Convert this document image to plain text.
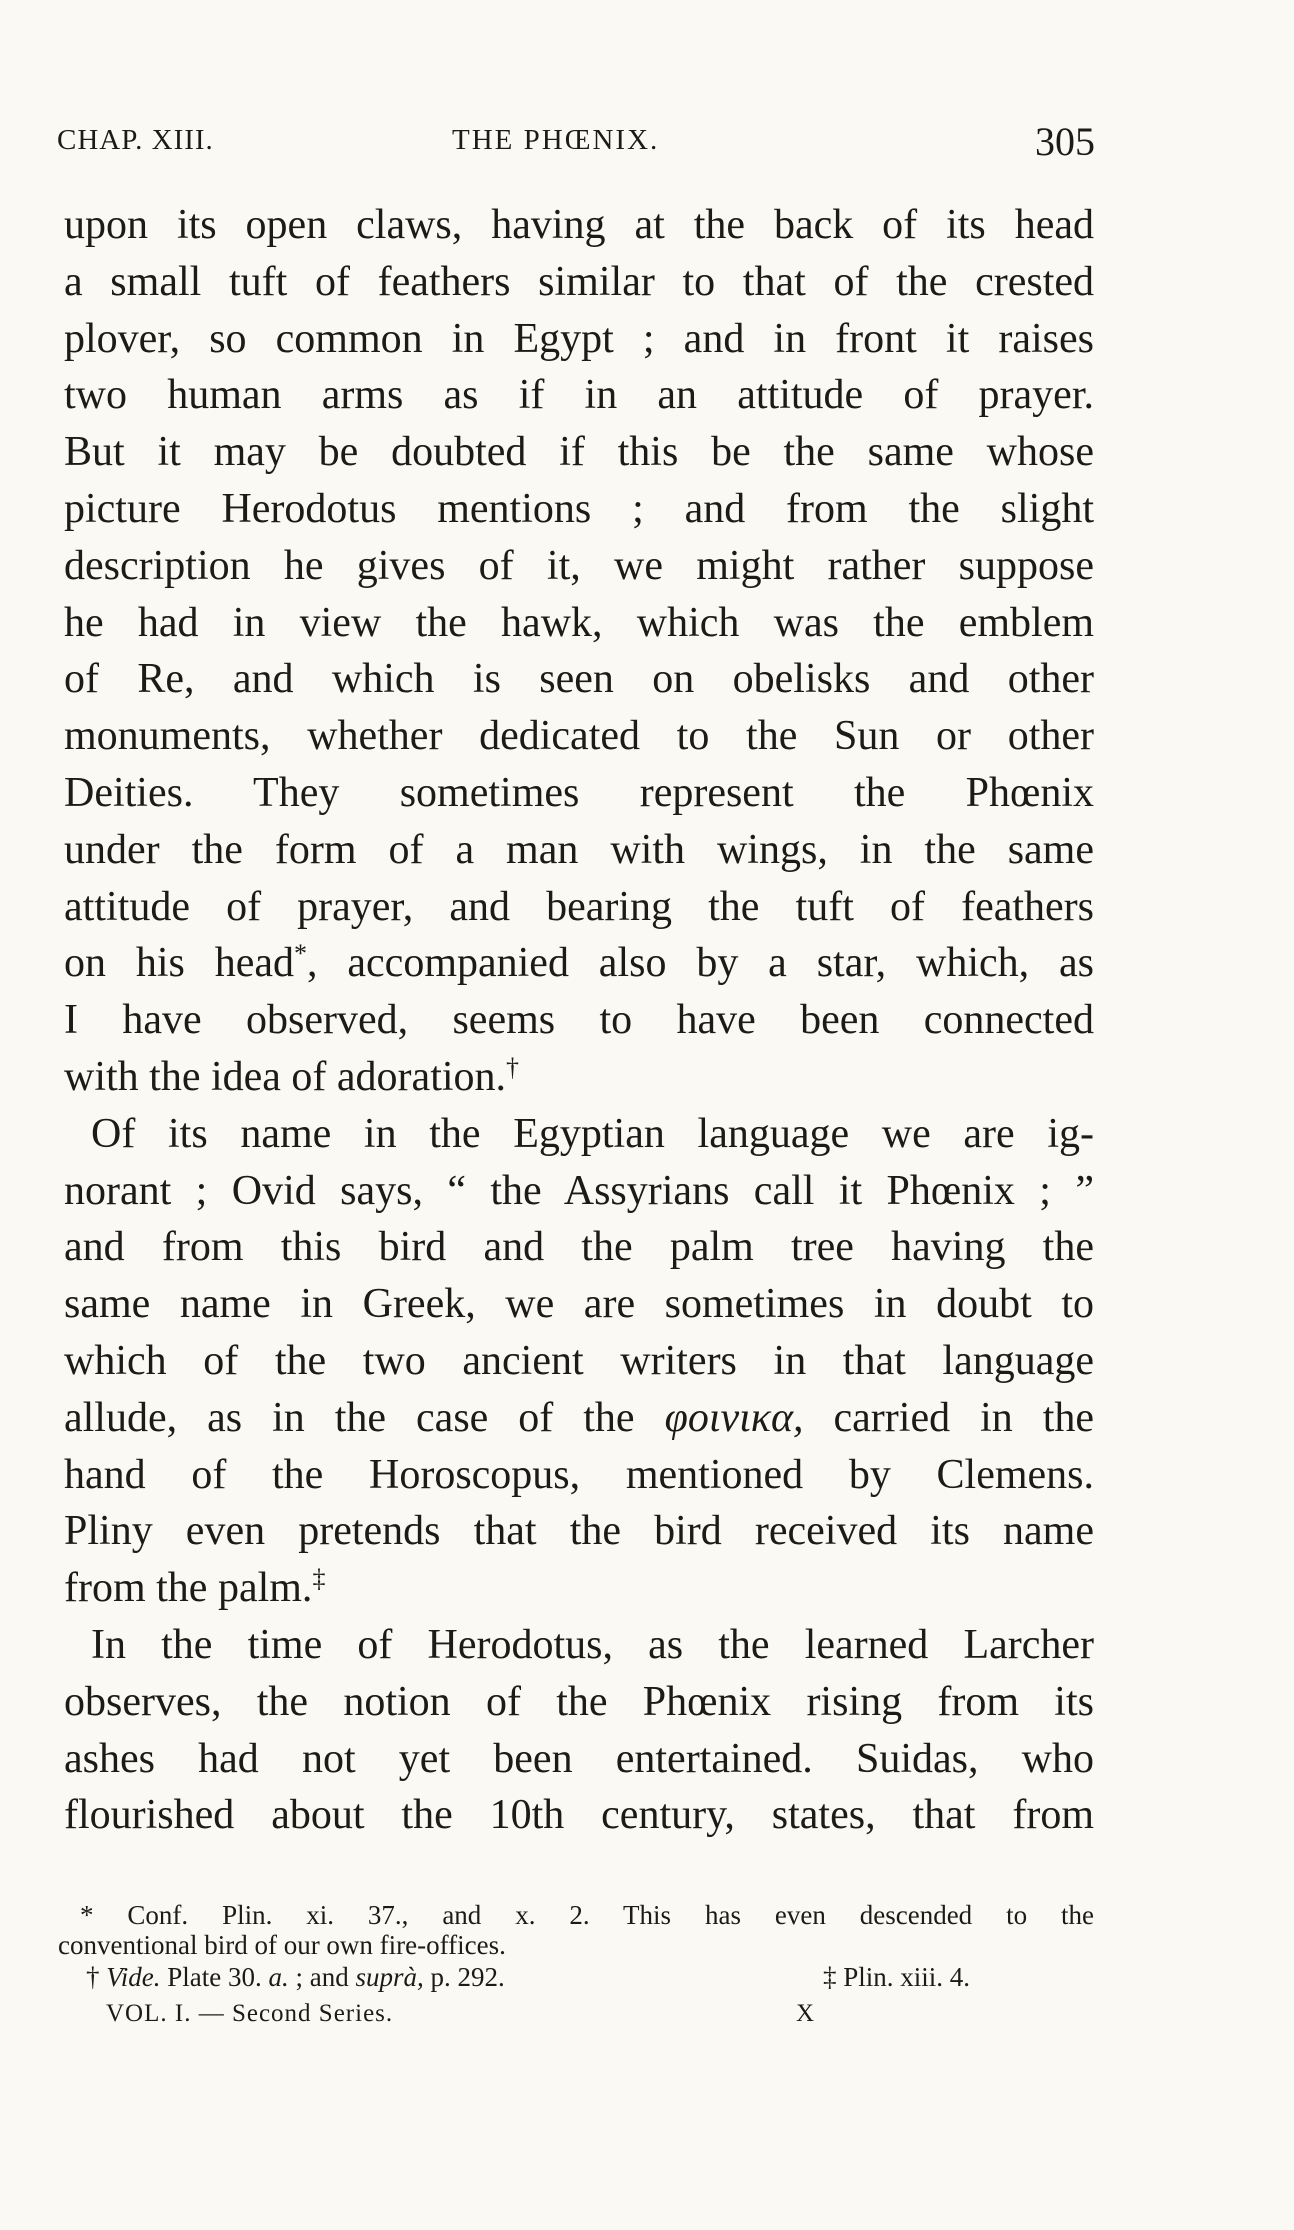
CHAP. XIII.	THE PHŒNIX.	305
upon its open claws, having at the back of its head
a small tuft of feathers similar to that of the crested
plover, so common in Egypt ; and in front it raises
two human arms as if in an attitude of prayer.
But it may be doubted if this be the same whose
picture Herodotus mentions ; and from the slight
description he gives of it, we might rather suppose
he had in view the hawk, which was the emblem
of Re, and which is seen on obelisks and other
monuments, whether dedicated to the Sun or other
Deities. They sometimes represent the Phœnix
under the form of a man with wings, in the same
attitude of prayer, and bearing the tuft of feathers
on his head*, accompanied also by a star, which, as
I have observed, seems to have been connected
with the idea of adoration.†
Of its name in the Egyptian language we are ig-
norant ; Ovid says, “ the Assyrians call it Phœnix ; ”
and from this bird and the palm tree having the
same name in Greek, we are sometimes in doubt to
which of the two ancient writers in that language
allude, as in the case of the φοινικα, carried in the
hand of the Horoscopus, mentioned by Clemens.
Pliny even pretends that the bird received its name
from the palm.‡
In the time of Herodotus, as the learned Larcher
observes, the notion of the Phœnix rising from its
ashes had not yet been entertained. Suidas, who
flourished about the 10th century, states, that from
* Conf. Plin. xi. 37., and x. 2. This has even descended to the
conventional bird of our own fire-offices.
† Vide. Plate 30. a. ; and suprà, p. 292.	‡ Plin. xiii. 4.
VOL. I. — Second Series.	X
